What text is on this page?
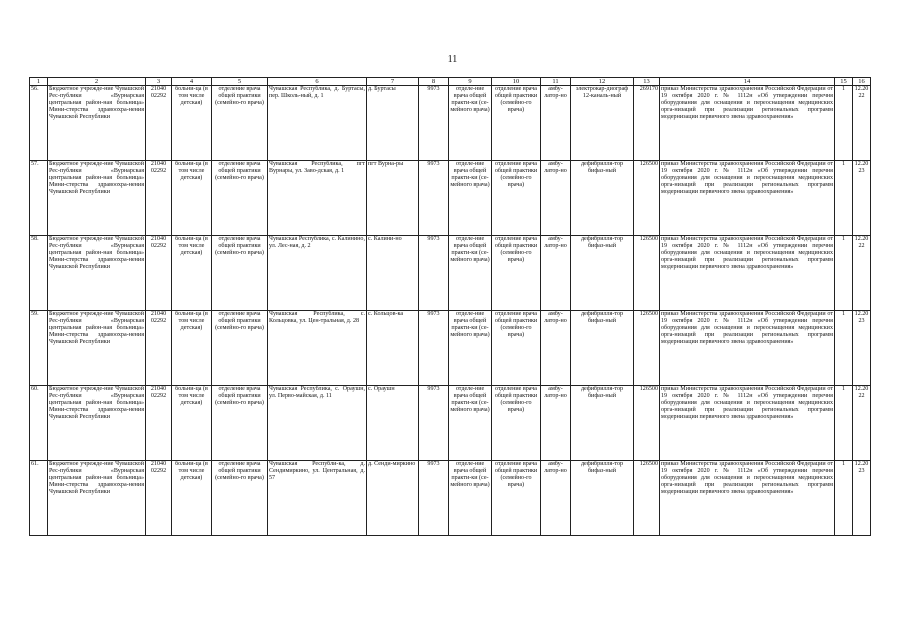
11
1	2	3	4	5	6	7	8	9	10	11	12	13	14	15	16
56.	Бюджетное учрежде-ние Чувашской Рес-публики «Вурнарская центральная район-ная больница» Мини-стерства здравоохра-нения Чувашской Республики	21040 02292	больни-ца (в том числе детская)	отделение врача общей практики (семейно-го врача)	Чувашская Республика, д. Буртасы, пер. Школь-ный, д. 1	д. Буртасы	9973	отделе-ние врача общей практи-ки (се-мейного врача)	отделение врача общей практики (семейно-го врача)	амбу-латор-но	электрокар-диограф 12-каналь-ный	269170	приказ Министерства здравоохранения Российской Федерации от 19 октября 2020 г. № 1112н «Об утверждении перечня оборудования для оснащения и переоснащения медицинских орга-низаций при реализации региональных программ модернизации первичного звена здравоохранения»	1	12.2022
57.	Бюджетное учрежде-ние Чувашской Рес-публики «Вурнарская центральная район-ная больница» Мини-стерства здравоохра-нения Чувашской Республики	21040 02292	больни-ца (в том числе детская)	отделение врача общей практики (семейно-го врача)	Чувашская Республика, пгт Вурнары, ул. Заво-дская, д. 1	пгт Вурна-ры	9973	отделе-ние врача общей практи-ки (се-мейного врача)	отделение врача общей практики (семейно-го врача)	амбу-латор-но	дефибрилля-тор бифаз-ный	126500	приказ Министерства здравоохранения Российской Федерации от 19 октября 2020 г. № 1112н «Об утверждении перечня оборудования для оснащения и переоснащения медицинских орга-низаций при реализации региональных программ модернизации первичного звена здравоохранения»	1	12.2023
58.	Бюджетное учрежде-ние Чувашской Рес-публики «Вурнарская центральная район-ная больница» Мини-стерства здравоохра-нения Чувашской Республики	21040 02292	больни-ца (в том числе детская)	отделение врача общей практики (семейно-го врача)	Чувашская Республика, с. Калинино, ул. Лес-ная, д. 2	с. Калини-но	9973	отделе-ние врача общей практи-ки (се-мейного врача)	отделение врача общей практики (семейно-го врача)	амбу-латор-но	дефибрилля-тор бифаз-ный	126500	приказ Министерства здравоохранения Российской Федерации от 19 октября 2020 г. № 1112н «Об утверждении перечня оборудования для оснащения и переоснащения медицинских орга-низаций при реализации региональных программ модернизации первичного звена здравоохранения»	1	12.2022
59.	Бюджетное учрежде-ние Чувашской Рес-публики «Вурнарская центральная район-ная больница» Мини-стерства здравоохра-нения Чувашской Республики	21040 02292	больни-ца (в том числе детская)	отделение врача общей практики (семейно-го врача)	Чувашская Республика, с. Кольцовка, ул. Цен-тральная, д. 28	с. Кольцов-ка	9973	отделе-ние врача общей практи-ки (се-мейного врача)	отделение врача общей практики (семейно-го врача)	амбу-латор-но	дефибрилля-тор бифаз-ный	126500	приказ Министерства здравоохранения Российской Федерации от 19 октября 2020 г. № 1112н «Об утверждении перечня оборудования для оснащения и переоснащения медицинских орга-низаций при реализации региональных программ модернизации первичного звена здравоохранения»	1	12.2023
60.	Бюджетное учрежде-ние Чувашской Рес-публики «Вурнарская центральная район-ная больница» Мини-стерства здравоохра-нения Чувашской Республики	21040 02292	больни-ца (в том числе детская)	отделение врача общей практики (семейно-го врача)	Чувашская Республика, с. Ораушн, ул. Перво-майская, д. 11	с. Ораушн	9973	отделе-ние врача общей практи-ки (се-мейного врача)	отделение врача общей практики (семейно-го врача)	амбу-латор-но	дефибрилля-тор бифаз-ный	126500	приказ Министерства здравоохранения Российской Федерации от 19 октября 2020 г. № 1112н «Об утверждении перечня оборудования для оснащения и переоснащения медицинских орга-низаций при реализации региональных программ модернизации первичного звена здравоохранения»	1	12.2022
61.	Бюджетное учрежде-ние Чувашской Рес-публики «Вурнарская центральная район-ная больница» Мини-стерства здравоохра-нения Чувашской Республики	21040 02292	больни-ца (в том числе детская)	отделение врача общей практики (семейно-го врача)	Чувашская Республи-ка, д. Сендимиркино, ул. Центральная, д. 57	д. Сенди-миркино	9973	отделе-ние врача общей практи-ки (се-мейного врача)	отделение врача общей практики (семейно-го врача)	амбу-латор-но	дефибрилля-тор бифаз-ный	126500	приказ Министерства здравоохранения Российской Федерации от 19 октября 2020 г. № 1112н «Об утверждении перечня оборудования для оснащения и переоснащения медицинских орга-низаций при реализации региональных программ модернизации первичного звена здравоохранения»	1	12.2023
